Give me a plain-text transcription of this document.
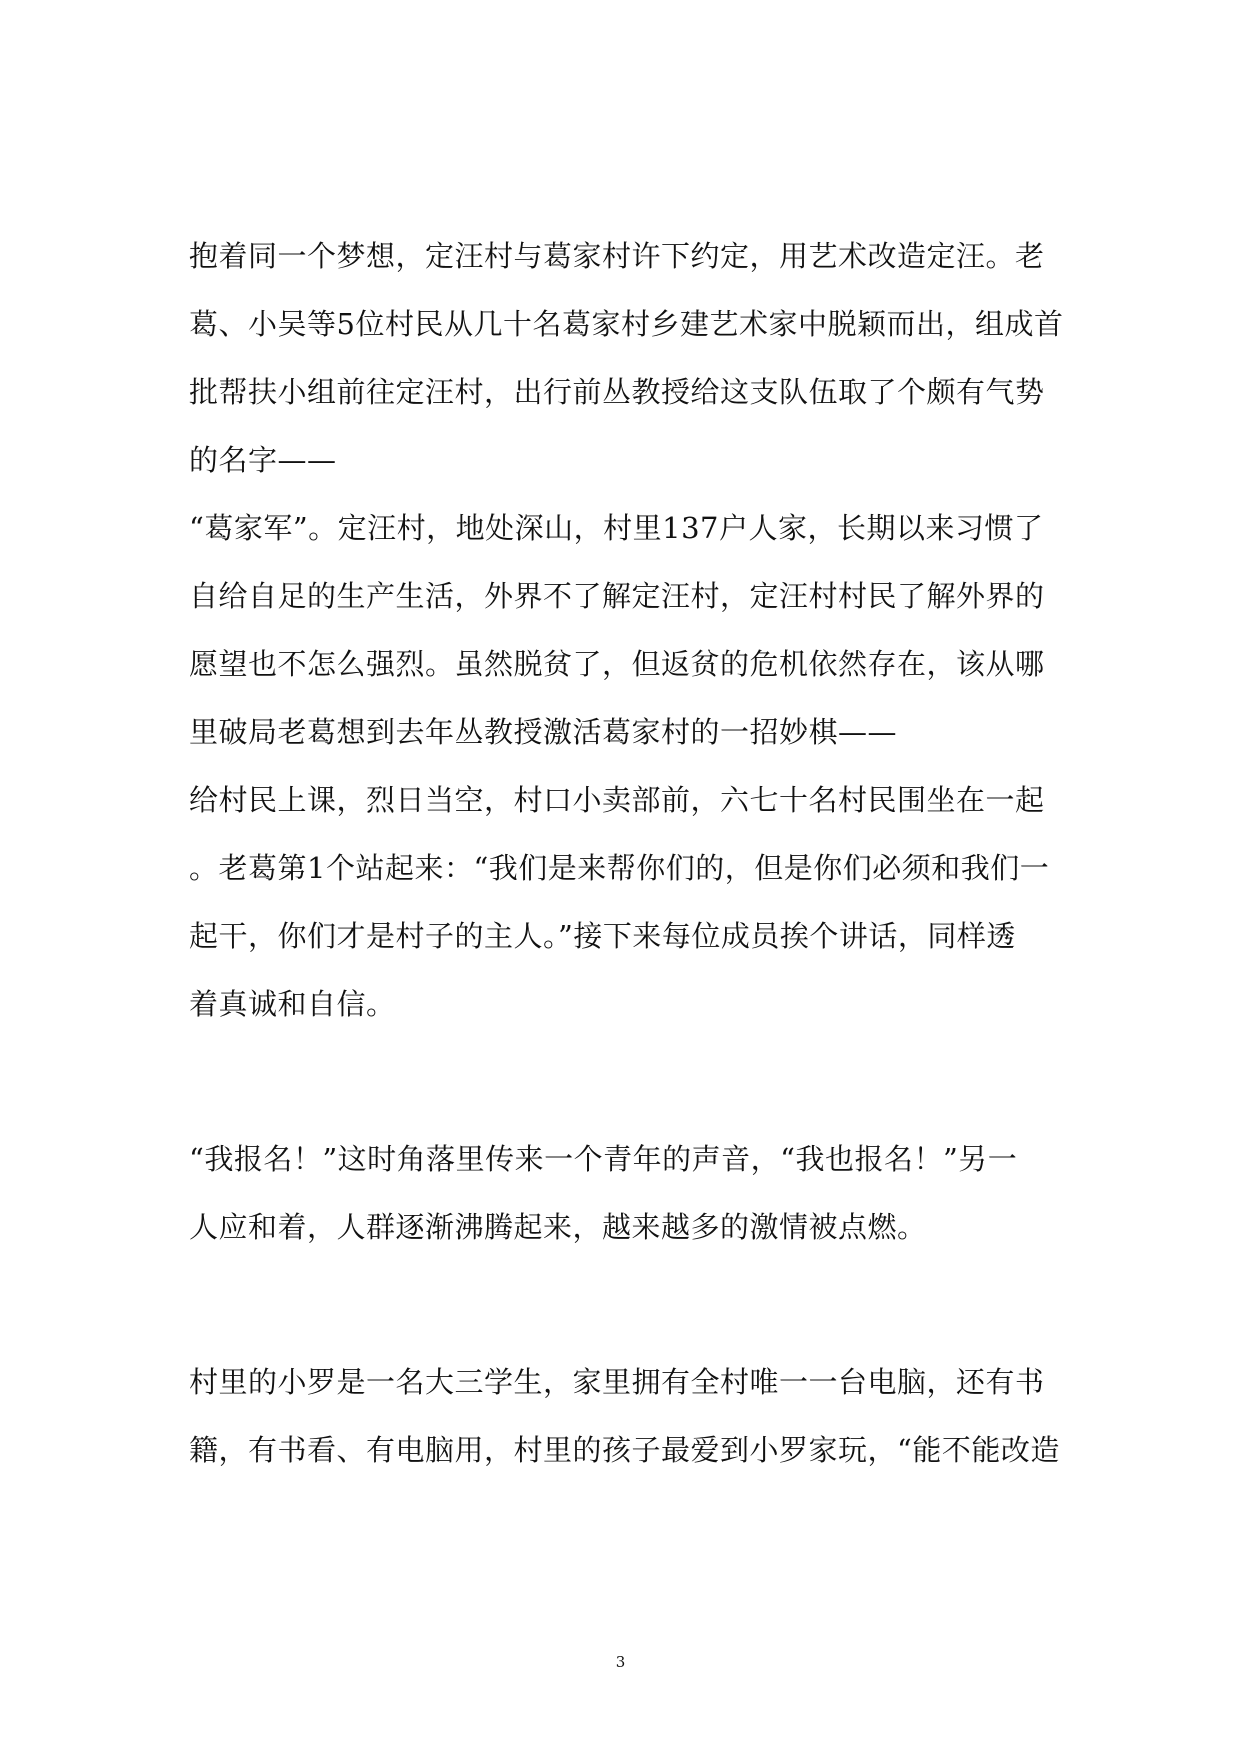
抱着同一个梦想，定汪村与葛家村许下约定，用艺术改造定汪。老
葛、小吴等5位村民从几十名葛家村乡建艺术家中脱颖而出，组成首
批帮扶小组前往定汪村，出行前丛教授给这支队伍取了个颇有气势
的名字——
“葛家军”。定汪村，地处深山，村里137户人家，长期以来习惯了
自给自足的生产生活，外界不了解定汪村，定汪村村民了解外界的
愿望也不怎么强烈。虽然脱贫了，但返贫的危机依然存在，该从哪
里破局老葛想到去年丛教授激活葛家村的一招妙棋——
给村民上课，烈日当空，村口小卖部前，六七十名村民围坐在一起
。老葛第1个站起来：“我们是来帮你们的，但是你们必须和我们一
起干，你们才是村子的主人。”接下来每位成员挨个讲话，同样透
着真诚和自信。
“我报名！”这时角落里传来一个青年的声音，“我也报名！”另一
人应和着，人群逐渐沸腾起来，越来越多的激情被点燃。
村里的小罗是一名大三学生，家里拥有全村唯一一台电脑，还有书
籍，有书看、有电脑用，村里的孩子最爱到小罗家玩，“能不能改造
3
